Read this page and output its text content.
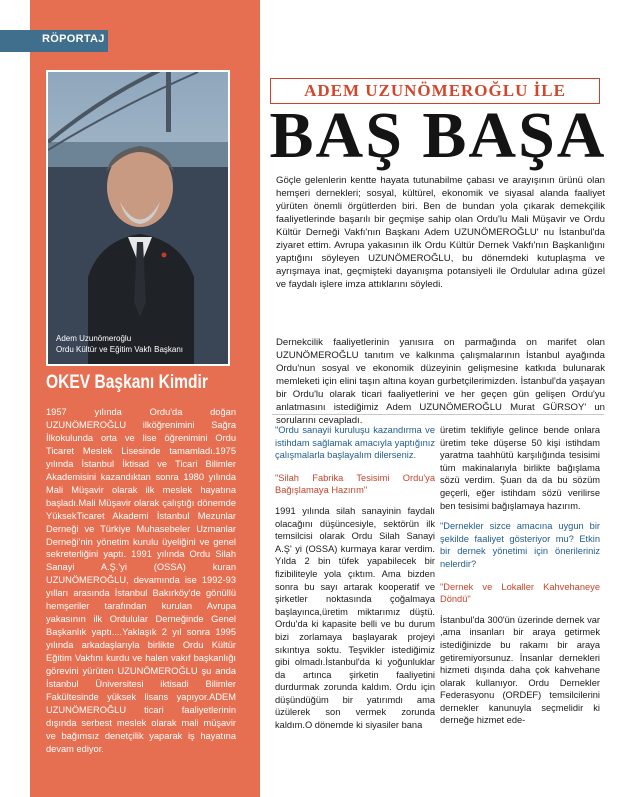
RÖPORTAJ
Adem Uzunömeroğlu
Ordu Kültür ve Eğitim Vakfı Başkanı
OKEV Başkanı Kimdir

1957 yılında Ordu'da doğan UZUNÖMEROĞLU ilköğrenimini Sağra İlkokulunda orta ve lise öğrenimini Ordu Ticaret Meslek Lisesinde tamamladı.1975 yılında İstanbul İktisad ve Ticari Bilimler Akademisini kazandıktan sonra 1980 yılında Mali Müşavir olarak ilk meslek hayatına başladı.Mali Müşavir olarak çalıştığı dönemde YüksekTicaret Akademi İstanbul Mezunlar Derneği ve Türkiye Muhasebeler Uzmanlar Derneği'nin yönetim kurulu üyeliğini ve genel sekreterliğini yaptı. 1991 yılında Ordu Silah Sanayi A.Ş.'yi (OSSA) kuran UZUNÖMEROĞLU, devamında ise 1992-93 yılları arasında İstanbul Bakırköy'de gönüllü hemşeriler tarafından kurulan Avrupa yakasının ilk Ordulular Derneğinde Genel Başkanlık yaptı....Yaklaşık 2 yıl sonra 1995 yılında arkadaşlarıyla birlikte Ordu Kültür Eğitim Vakfını kurdu ve halen vakıf başkanlığı görevini yürüten UZUNÖMEROĞLU şu anda İstanbul Üniversitesi iktisadi Bilimler Fakültesinde yüksek lisans yapıyor.ADEM UZUNÖMEROĞLU ticari faaliyetlerinin dışında serbest meslek olarak mali müşavir ve bağımsız denetçilik yaparak iş hayatına devam ediyor.

ADEM UZUNÖMEROĞLU İLE
BAŞ BAŞA

Göçle gelenlerin kentte hayata tutunabilme çabası ve arayışının ürünü olan hemşeri dernekleri; sosyal, kültürel, ekonomik ve siyasal alanda faaliyet yürüten önemli örgütlerden biri. Ben de bundan yola çıkarak demekçilik faaliyetlerinde başarılı bir geçmişe sahip olan Ordu'lu Mali Müşavir ve Ordu Kültür Derneği Vakfı'nın Başkanı Adem UZUNÖMEROĞLU' nu İstanbul'da ziyaret ettim. Avrupa yakasının ilk Ordu Kültür Dernek Vakfı'nın Başkanlığını yaptığını söyleyen UZUNÖMEROĞLU, bu dönemdeki kutuplaşma ve ayrışmaya inat, geçmişteki dayanışma potansiyeli ile Ordulular adına güzel ve faydalı işlere imza attıklarını söyledi.

Dernekcilik faaliyetlerinin yanısıra on parmağında on marifet olan UZUNÖMEROĞLU tanıtım ve kalkınma çalışmalarının İstanbul ayağında Ordu'nun sosyal ve ekonomik düzeyinin gelişmesine katkıda bulunarak memleketi için elini taşın altına koyan gurbetçilerimizden. İstanbul'da yaşayan bir Ordu'lu olarak ticari faaliyetlerini ve her geçen gün gelişen Ordu'yu anlatmasını istediğimiz Adem UZUNÖMEROĞLU Murat GÜRSOY' un sorularını cevapladı.

"Ordu sanayii kuruluşu kazandırma ve istihdam sağlamak amacıyla yaptığınız çalışmalarla başlayalım dilerseniz.

"Silah Fabrika Tesisimi Ordu'ya Bağışlamaya Hazırım"

1991 yılında silah sanayinin faydalı olacağını düşüncesiyle, sektörün ilk temsilcisi olarak Ordu Silah Sanayi A.Ş' yi (OSSA) kurmaya karar verdim. Yılda 2 bin tüfek yapabilecek bir fizibiliteyle yola çıktım. Ama bizden sonra bu sayı artarak kooperatif ve şirketler noktasında çoğalmaya başlayınca,üretim miktarımız düştü. Ordu'da ki kapasite belli ve bu durum bizi zorlamaya başlayarak projeyi sıkıntıya soktu. Teşvikler istediğimiz gibi olmadı.İstanbul'da ki yoğunluklar da artınca şirketin faaliyetini durdurmak zorunda kaldım. Ordu için düşündüğüm bir yatırımdı ama üzülerek son vermek zorunda kaldım.O dönemde ki siyasiler bana

üretim teklifiyle gelince bende onlara üretim teke düşerse 50 kişi istihdam yaratma taahhütü karşılığında tesisimi tüm makinalarıyla birlikte bağışlama sözü verdim. Şuan da da bu sözüm geçerli, eğer istihdam sözü verilirse ben tesisimi bağışlamaya hazırım.

"Dernekler sizce amacına uygun bir şekilde faaliyet gösteriyor mu? Etkin bir dernek yönetimi için önerileriniz nelerdir?

"Dernek ve Lokaller Kahvehaneye Döndü"

İstanbul'da 300'ün üzerinde dernek var ,ama insanları bir araya getirmek istediğinizde bu rakamı bir araya getiremiyorsunuz. İnsanlar dernekleri hizmeti dışında daha çok kahvehane olarak kullanıyor. Ordu Dernekler Federasyonu (ORDEF) temsilcilerini dernekler kanunuyla seçmelidir ki derneğe hizmet ede-
